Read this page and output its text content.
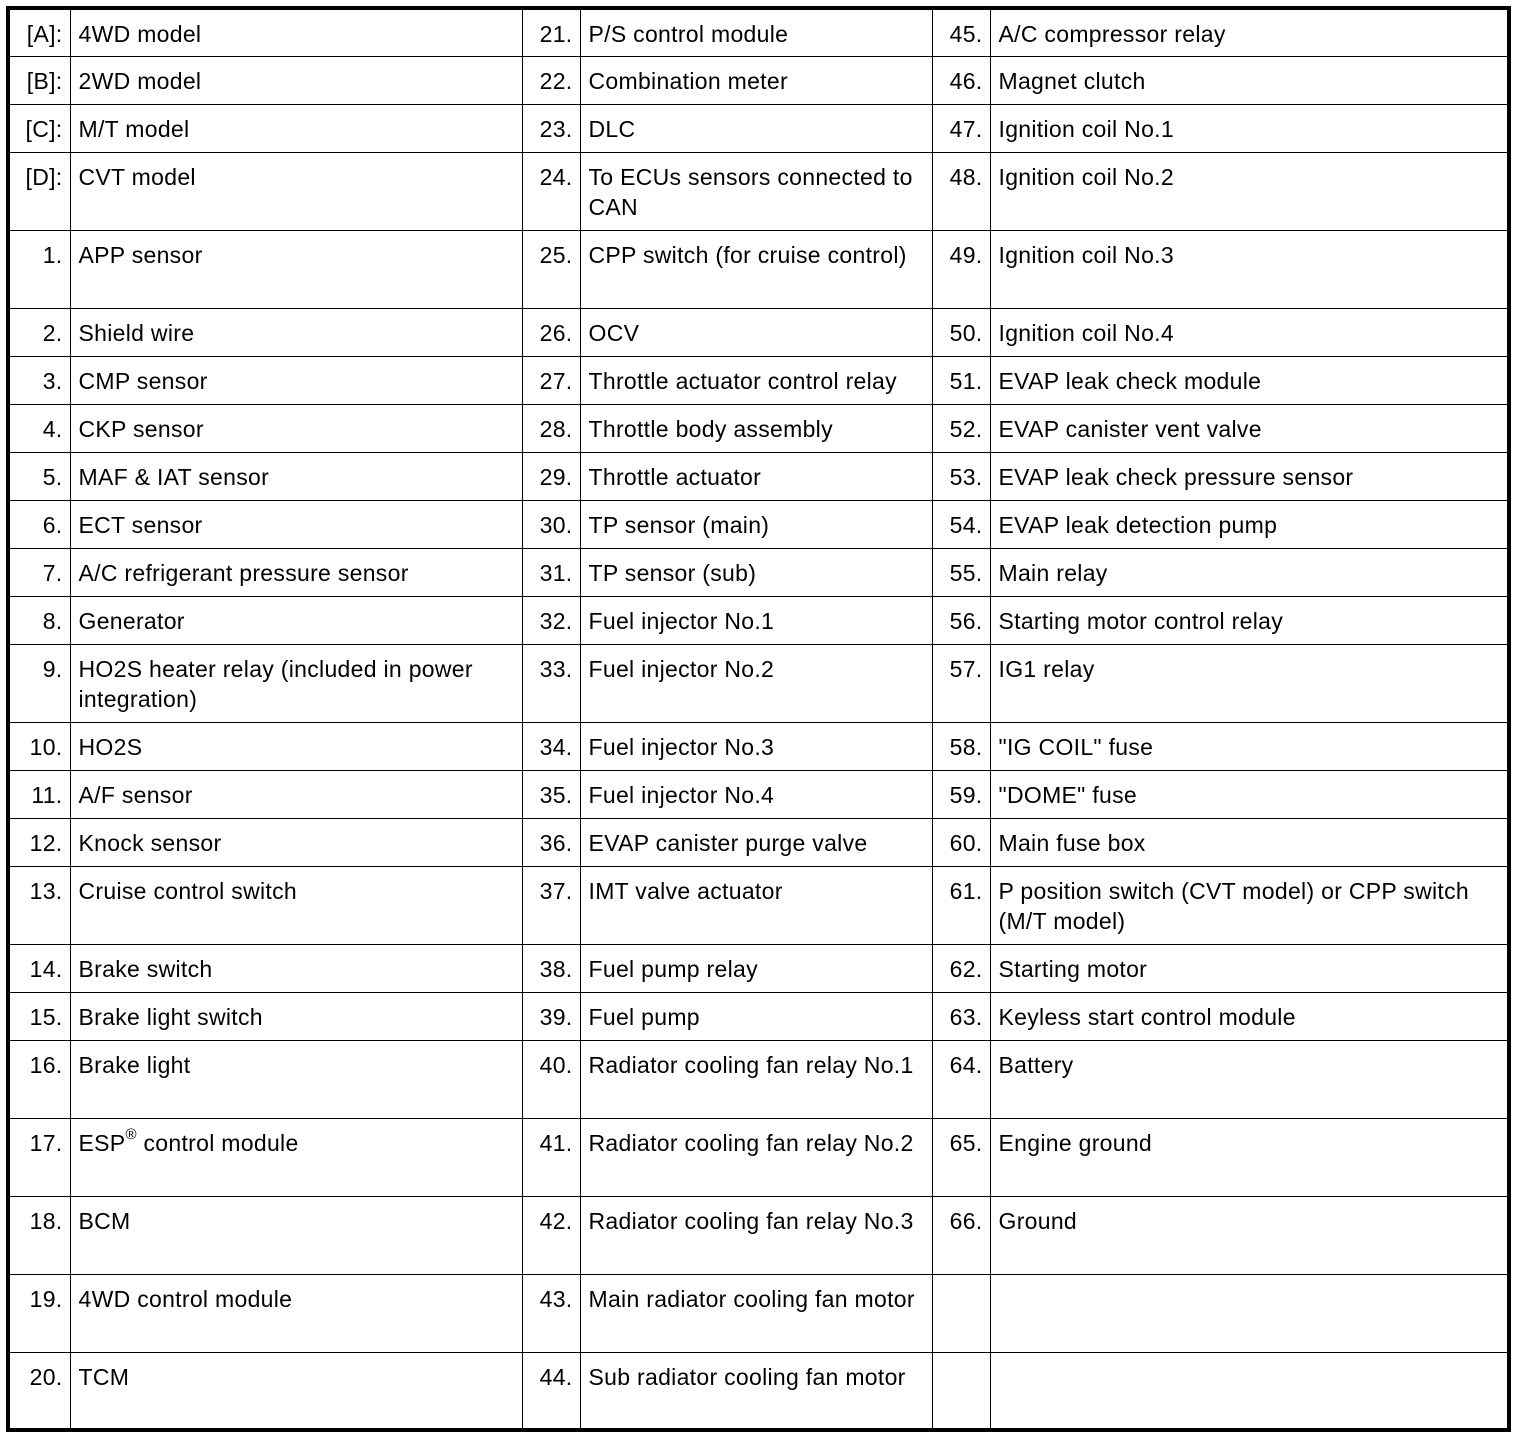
[A]:	4WD model	21.	P/S control module	45.	A/C compressor relay
[B]:	2WD model	22.	Combination meter	46.	Magnet clutch
[C]:	M/T model	23.	DLC	47.	Ignition coil No.1
[D]:	CVT model	24.	To ECUs sensors connected to CAN	48.	Ignition coil No.2
1.	APP sensor	25.	CPP switch (for cruise control)	49.	Ignition coil No.3
2.	Shield wire	26.	OCV	50.	Ignition coil No.4
3.	CMP sensor	27.	Throttle actuator control relay	51.	EVAP leak check module
4.	CKP sensor	28.	Throttle body assembly	52.	EVAP canister vent valve
5.	MAF & IAT sensor	29.	Throttle actuator	53.	EVAP leak check pressure sensor
6.	ECT sensor	30.	TP sensor (main)	54.	EVAP leak detection pump
7.	A/C refrigerant pressure sensor	31.	TP sensor (sub)	55.	Main relay
8.	Generator	32.	Fuel injector No.1	56.	Starting motor control relay
9.	HO2S heater relay (included in power integration)	33.	Fuel injector No.2	57.	IG1 relay
10.	HO2S	34.	Fuel injector No.3	58.	"IG COIL" fuse
11.	A/F sensor	35.	Fuel injector No.4	59.	"DOME" fuse
12.	Knock sensor	36.	EVAP canister purge valve	60.	Main fuse box
13.	Cruise control switch	37.	IMT valve actuator	61.	P position switch (CVT model) or CPP switch (M/T model)
14.	Brake switch	38.	Fuel pump relay	62.	Starting motor
15.	Brake light switch	39.	Fuel pump	63.	Keyless start control module
16.	Brake light	40.	Radiator cooling fan relay No.1	64.	Battery
17.	ESP® control module	41.	Radiator cooling fan relay No.2	65.	Engine ground
18.	BCM	42.	Radiator cooling fan relay No.3	66.	Ground
19.	4WD control module	43.	Main radiator cooling fan motor		
20.	TCM	44.	Sub radiator cooling fan motor		
